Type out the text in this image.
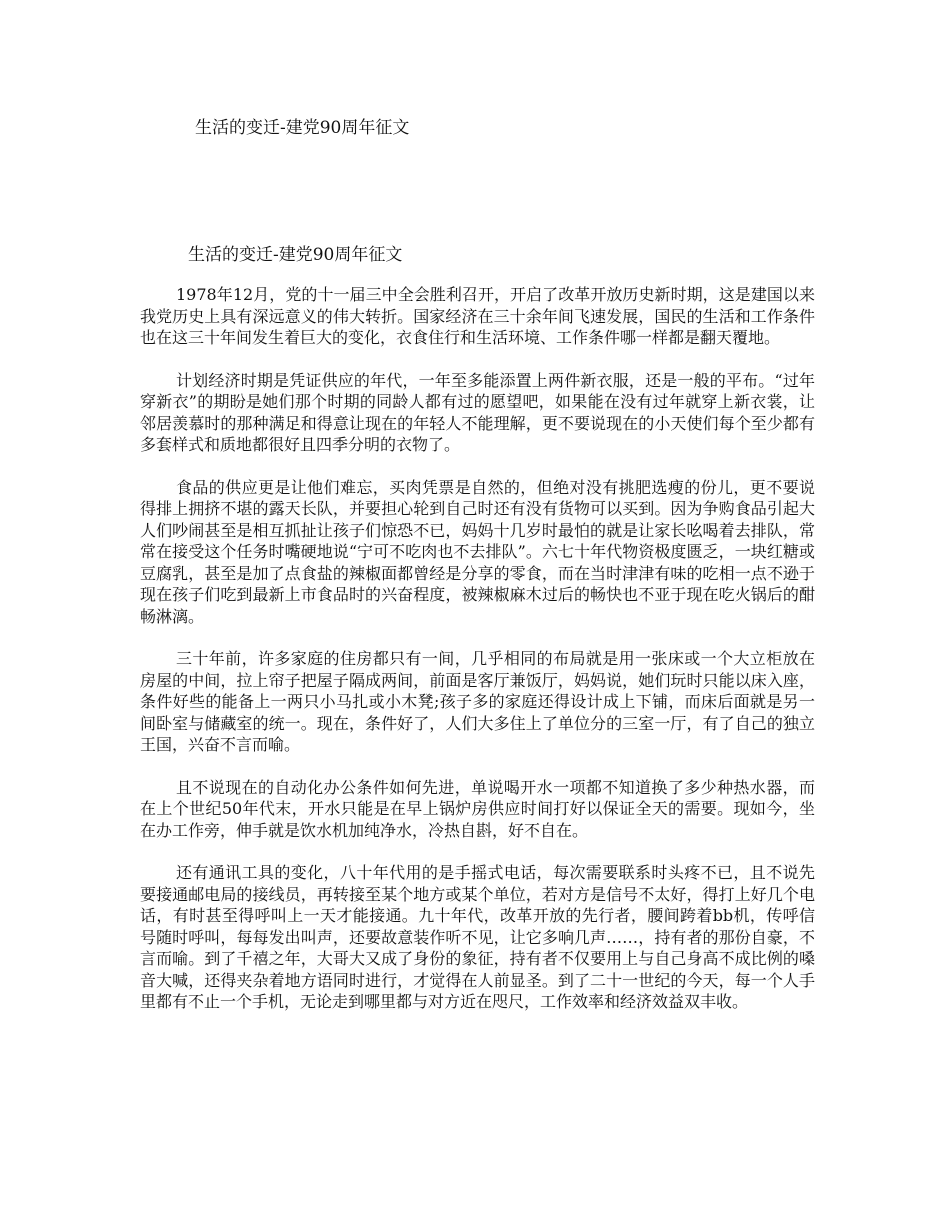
生活的变迁-建党90周年征文
生活的变迁-建党90周年征文

1978年12月，党的十一届三中全会胜利召开，开启了改革开放历史新时期，这是建国以来我党历史上具有深远意义的伟大转折。国家经济在三十余年间飞速发展，国民的生活和工作条件也在这三十年间发生着巨大的变化，衣食住行和生活环境、工作条件哪一样都是翻天覆地。

计划经济时期是凭证供应的年代，一年至多能添置上两件新衣服，还是一般的平布。“过年穿新衣”的期盼是她们那个时期的同龄人都有过的愿望吧，如果能在没有过年就穿上新衣裳，让邻居羡慕时的那种满足和得意让现在的年轻人不能理解，更不要说现在的小天使们每个至少都有多套样式和质地都很好且四季分明的衣物了。

食品的供应更是让他们难忘，买肉凭票是自然的，但绝对没有挑肥选瘦的份儿，更不要说得排上拥挤不堪的露天长队，并要担心轮到自己时还有没有货物可以买到。因为争购食品引起大人们吵闹甚至是相互抓扯让孩子们惊恐不已，妈妈十几岁时最怕的就是让家长吆喝着去排队，常常在接受这个任务时嘴硬地说“宁可不吃肉也不去排队”。六七十年代物资极度匮乏，一块红糖或豆腐乳，甚至是加了点食盐的辣椒面都曾经是分享的零食，而在当时津津有味的吃相一点不逊于现在孩子们吃到最新上市食品时的兴奋程度，被辣椒麻木过后的畅快也不亚于现在吃火锅后的酣畅淋漓。

三十年前，许多家庭的住房都只有一间，几乎相同的布局就是用一张床或一个大立柜放在房屋的中间，拉上帘子把屋子隔成两间，前面是客厅兼饭厅，妈妈说，她们玩时只能以床入座，条件好些的能备上一两只小马扎或小木凳;孩子多的家庭还得设计成上下铺，而床后面就是另一间卧室与储藏室的统一。现在，条件好了，人们大多住上了单位分的三室一厅，有了自己的独立王国，兴奋不言而喻。

且不说现在的自动化办公条件如何先进，单说喝开水一项都不知道换了多少种热水器，而在上个世纪50年代末，开水只能是在早上锅炉房供应时间打好以保证全天的需要。现如今，坐在办工作旁，伸手就是饮水机加纯净水，冷热自斟，好不自在。

还有通讯工具的变化，八十年代用的是手摇式电话，每次需要联系时头疼不已，且不说先要接通邮电局的接线员，再转接至某个地方或某个单位，若对方是信号不太好，得打上好几个电话，有时甚至得呼叫上一天才能接通。九十年代，改革开放的先行者，腰间跨着bb机，传呼信号随时呼叫，每每发出叫声，还要故意装作听不见，让它多响几声……，持有者的那份自豪，不言而喻。到了千禧之年，大哥大又成了身份的象征，持有者不仅要用上与自己身高不成比例的嗓音大喊，还得夹杂着地方语同时进行，才觉得在人前显圣。到了二十一世纪的今天，每一个人手里都有不止一个手机，无论走到哪里都与对方近在咫尺，工作效率和经济效益双丰收。
